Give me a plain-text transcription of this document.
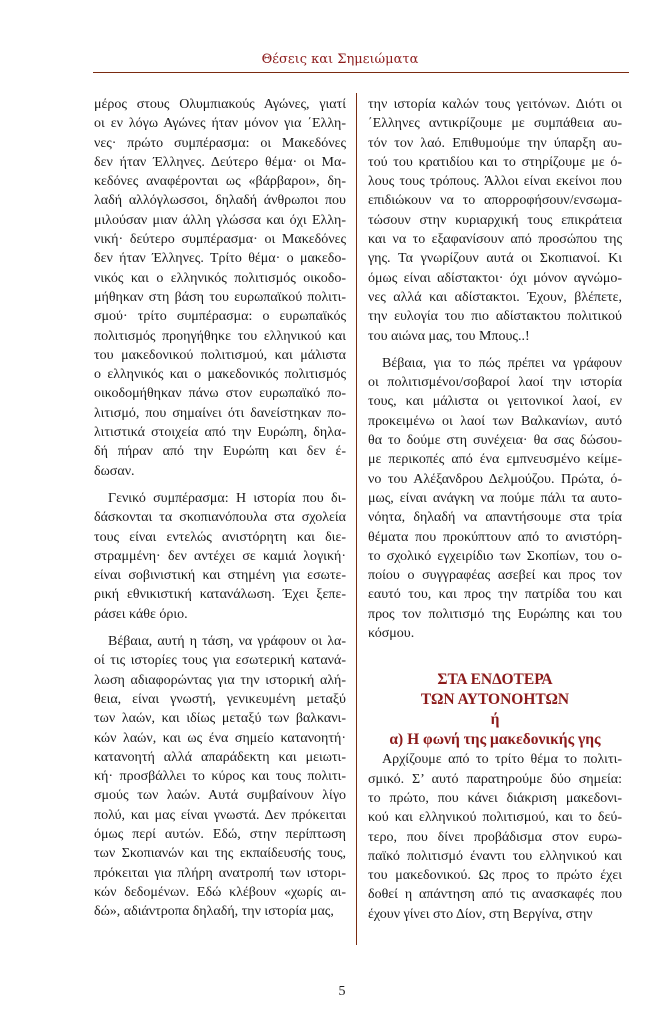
Θέσεις και Σημειώματα
μέρος στους Ολυμπιακούς Αγώνες, γιατί
οι εν λόγω Αγώνες ήταν μόνον για ΄Ελλη-
νες· πρώτο συμπέρασμα: οι Μακεδόνες
δεν ήταν Έλληνες. Δεύτερο θέμα· οι Μα-
κεδόνες αναφέρονται ως «βάρβαροι», δη-
λαδή αλλόγλωσσοι, δηλαδή άνθρωποι που
μιλούσαν μιαν άλλη γλώσσα και όχι Ελλη-
νική· δεύτερο συμπέρασμα· οι Μακεδόνες
δεν ήταν Έλληνες. Τρίτο θέμα· ο μακεδο-
νικός και ο ελληνικός πολιτισμός οικοδο-
μήθηκαν στη βάση του ευρωπαϊκού πολιτι-
σμού· τρίτο συμπέρασμα: ο ευρωπαϊκός
πολιτισμός προηγήθηκε του ελληνικού και
του μακεδονικού πολιτισμού, και μάλιστα
ο ελληνικός και ο μακεδονικός πολιτισμός
οικοδομήθηκαν πάνω στον ευρωπαϊκό πο-
λιτισμό, που σημαίνει ότι δανείστηκαν πο-
λιτιστικά στοιχεία από την Ευρώπη, δηλα-
δή πήραν από την Ευρώπη και δεν έ-
δωσαν.
Γενικό συμπέρασμα: Η ιστορία που δι-
δάσκονται τα σκοπιανόπουλα στα σχολεία
τους είναι εντελώς ανιστόρητη και διε-
στραμμένη· δεν αντέχει σε καμιά λογική·
είναι σοβινιστική και στημένη για εσωτε-
ρική εθνικιστική κατανάλωση. Έχει ξεπε-
ράσει κάθε όριο.
Βέβαια, αυτή η τάση, να γράφουν οι λα-
οί τις ιστορίες τους για εσωτερική κατανά-
λωση αδιαφορώντας για την ιστορική αλή-
θεια, είναι γνωστή, γενικευμένη μεταξύ
των λαών, και ιδίως μεταξύ των βαλκανι-
κών λαών, και ως ένα σημείο κατανοητή·
κατανοητή αλλά απαράδεκτη και μειωτι-
κή· προσβάλλει το κύρος και τους πολιτι-
σμούς των λαών. Αυτά συμβαίνουν λίγο
πολύ, και μας είναι γνωστά. Δεν πρόκειται
όμως περί αυτών. Εδώ, στην περίπτωση
των Σκοπιανών και της εκπαίδευσής τους,
πρόκειται για πλήρη ανατροπή των ιστορι-
κών δεδομένων. Εδώ κλέβουν «χωρίς αι-
δώ», αδιάντροπα δηλαδή, την ιστορία μας,
την ιστορία καλών τους γειτόνων. Διότι οι
΄Ελληνες αντικρίζουμε με συμπάθεια αυ-
τόν τον λαό. Επιθυμούμε την ύπαρξη αυ-
τού του κρατιδίου και το στηρίζουμε με ό-
λους τους τρόπους. Άλλοι είναι εκείνοι που
επιδιώκουν να το απορροφήσουν/ενσωμα-
τώσουν στην κυριαρχική τους επικράτεια
και να το εξαφανίσουν από προσώπου της
γης. Τα γνωρίζουν αυτά οι Σκοπιανοί. Κι
όμως είναι αδίστακτοι· όχι μόνον αγνώμο-
νες αλλά και αδίστακτοι. Έχουν, βλέπετε,
την ευλογία του πιο αδίστακτου πολιτικού
του αιώνα μας, του Μπους..!
Βέβαια, για το πώς πρέπει να γράφουν
οι πολιτισμένοι/σοβαροί λαοί την ιστορία
τους, και μάλιστα οι γειτονικοί λαοί, εν
προκειμένω οι λαοί των Βαλκανίων, αυτό
θα το δούμε στη συνέχεια· θα σας δώσου-
με περικοπές από ένα εμπνευσμένο κείμε-
νο του Αλέξανδρου Δελμούζου. Πρώτα, ό-
μως, είναι ανάγκη να πούμε πάλι τα αυτο-
νόητα, δηλαδή να απαντήσουμε στα τρία
θέματα που προκύπτουν από το ανιστόρη-
το σχολικό εγχειρίδιο των Σκοπίων, του ο-
ποίου ο συγγραφέας ασεβεί και προς τον
εαυτό του, και προς την πατρίδα του και
προς τον πολιτισμό της Ευρώπης και του
κόσμου.
ΣΤΑ ΕΝΔΟΤΕΡΑ
ΤΩΝ ΑΥΤΟΝΟΗΤΩΝ
ή
α) Η φωνή της μακεδονικής γης
Αρχίζουμε από το τρίτο θέμα το πολιτι-
σμικό. Σ’ αυτό παρατηρούμε δύο σημεία:
το πρώτο, που κάνει διάκριση μακεδονι-
κού και ελληνικού πολιτισμού, και το δεύ-
τερο, που δίνει προβάδισμα στον ευρω-
παϊκό πολιτισμό έναντι του ελληνικού και
του μακεδονικού. Ως προς το πρώτο έχει
δοθεί η απάντηση από τις ανασκαφές που
έχουν γίνει στο Δίον, στη Βεργίνα, στην
5
